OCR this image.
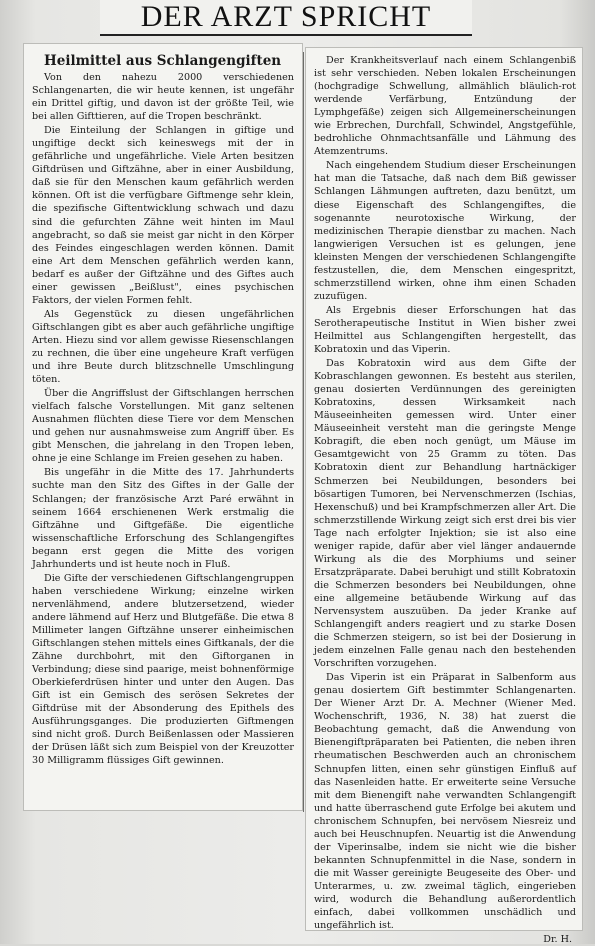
DER ARZT SPRICHT

Heilmittel aus Schlangengiften

Von den nahezu 2000 verschiedenen Schlangenarten, die wir heute kennen, ist ungefähr ein Drittel giftig, und davon ist der größte Teil, wie bei allen Gifttieren, auf die Tropen beschränkt.

Die Einteilung der Schlangen in giftige und ungiftige deckt sich keineswegs mit der in gefährliche und ungefährliche. Viele Arten besitzen Giftdrüsen und Giftzähne, aber in einer Ausbildung, daß sie für den Menschen kaum gefährlich werden können. Oft ist die verfügbare Giftmenge sehr klein, die spezifische Giftentwicklung schwach und dazu sind die gefurchten Zähne weit hinten im Maul angebracht, so daß sie meist gar nicht in den Körper des Feindes eingeschlagen werden können. Damit eine Art dem Menschen gefährlich werden kann, bedarf es außer der Giftzähne und des Giftes auch einer gewissen „Beißlust", eines psychischen Faktors, der vielen Formen fehlt.

Als Gegenstück zu diesen ungefährlichen Giftschlangen gibt es aber auch gefährliche ungiftige Arten. Hiezu sind vor allem gewisse Riesenschlangen zu rechnen, die über eine ungeheure Kraft verfügen und ihre Beute durch blitzschnelle Umschlingung töten.

Über die Angriffslust der Giftschlangen herrschen vielfach falsche Vorstellungen. Mit ganz seltenen Ausnahmen flüchten diese Tiere vor dem Menschen und gehen nur ausnahmsweise zum Angriff über. Es gibt Menschen, die jahrelang in den Tropen leben, ohne je eine Schlange im Freien gesehen zu haben.

Bis ungefähr in die Mitte des 17. Jahrhunderts suchte man den Sitz des Giftes in der Galle der Schlangen; der französische Arzt Paré erwähnt in seinem 1664 erschienenen Werk erstmalig die Giftzähne und Giftgefäße. Die eigentliche wissenschaftliche Erforschung des Schlangengiftes begann erst gegen die Mitte des vorigen Jahrhunderts und ist heute noch in Fluß.

Die Gifte der verschiedenen Giftschlangengruppen haben verschiedene Wirkung; einzelne wirken nervenlähmend, andere blutzersetzend, wieder andere lähmend auf Herz und Blutgefäße. Die etwa 8 Millimeter langen Giftzähne unserer einheimischen Giftschlangen stehen mittels eines Giftkanals, der die Zähne durchbohrt, mit den Giftorganen in Verbindung; diese sind paarige, meist bohnenförmige Oberkieferdrüsen hinter und unter den Augen. Das Gift ist ein Gemisch des serösen Sekretes der Giftdrüse mit der Absonderung des Epithels des Ausführungsganges. Die produzierten Giftmengen sind nicht groß. Durch Beißenlassen oder Massieren der Drüsen läßt sich zum Beispiel von der Kreuzotter 30 Milligramm flüssiges Gift gewinnen.

Der Krankheitsverlauf nach einem Schlangenbiß ist sehr verschieden. Neben lokalen Erscheinungen (hochgradige Schwellung, allmählich bläulich-rot werdende Verfärbung, Entzündung der Lymphgefäße) zeigen sich Allgemeinerscheinungen wie Erbrechen, Durchfall, Schwindel, Angstgefühle, bedrohliche Ohnmachtsanfälle und Lähmung des Atemzentrums.

Nach eingehendem Studium dieser Erscheinungen hat man die Tatsache, daß nach dem Biß gewisser Schlangen Lähmungen auftreten, dazu benützt, um diese Eigenschaft des Schlangengiftes, die sogenannte neurotoxische Wirkung, der medizinischen Therapie dienstbar zu machen. Nach langwierigen Versuchen ist es gelungen, jene kleinsten Mengen der verschiedenen Schlangengifte festzustellen, die, dem Menschen eingespritzt, schmerzstillend wirken, ohne ihm einen Schaden zuzufügen.

Als Ergebnis dieser Erforschungen hat das Serotherapeutische Institut in Wien bisher zwei Heilmittel aus Schlangengiften hergestellt, das Kobratoxin und das Viperin.

Das Kobratoxin wird aus dem Gifte der Kobraschlangen gewonnen. Es besteht aus sterilen, genau dosierten Verdünnungen des gereinigten Kobratoxins, dessen Wirksamkeit nach Mäuseeinheiten gemessen wird. Unter einer Mäuseeinheit versteht man die geringste Menge Kobragift, die eben noch genügt, um Mäuse im Gesamtgewicht von 25 Gramm zu töten. Das Kobratoxin dient zur Behandlung hartnäckiger Schmerzen bei Neubildungen, besonders bei bösartigen Tumoren, bei Nervenschmerzen (Ischias, Hexenschuß) und bei Krampfschmerzen aller Art. Die schmerzstillende Wirkung zeigt sich erst drei bis vier Tage nach erfolgter Injektion; sie ist also eine weniger rapide, dafür aber viel länger andauernde Wirkung als die des Morphiums und seiner Ersatzpräparate. Dabei beruhigt und stillt Kobratoxin die Schmerzen besonders bei Neubildungen, ohne eine allgemeine betäubende Wirkung auf das Nervensystem auszuüben. Da jeder Kranke auf Schlangengift anders reagiert und zu starke Dosen die Schmerzen steigern, so ist bei der Dosierung in jedem einzelnen Falle genau nach den bestehenden Vorschriften vorzugehen.

Das Viperin ist ein Präparat in Salbenform aus genau dosiertem Gift bestimmter Schlangenarten. Der Wiener Arzt Dr. A. Mechner (Wiener Med. Wochenschrift, 1936, N. 38) hat zuerst die Beobachtung gemacht, daß die Anwendung von Bienengiftpräparaten bei Patienten, die neben ihren rheumatischen Beschwerden auch an chronischem Schnupfen litten, einen sehr günstigen Einfluß auf das Nasenleiden hatte. Er erweiterte seine Versuche mit dem Bienengift nahe verwandten Schlangengift und hatte überraschend gute Erfolge bei akutem und chronischem Schnupfen, bei nervösem Niesreiz und auch bei Heuschnupfen. Neuartig ist die Anwendung der Viperinsalbe, indem sie nicht wie die bisher bekannten Schnupfenmittel in die Nase, sondern in die mit Wasser gereinigte Beugeseite des Ober- und Unterarmes, u. zw. zweimal täglich, eingerieben wird, wodurch die Behandlung außerordentlich einfach, dabei vollkommen unschädlich und ungefährlich ist.

Dr. H.
